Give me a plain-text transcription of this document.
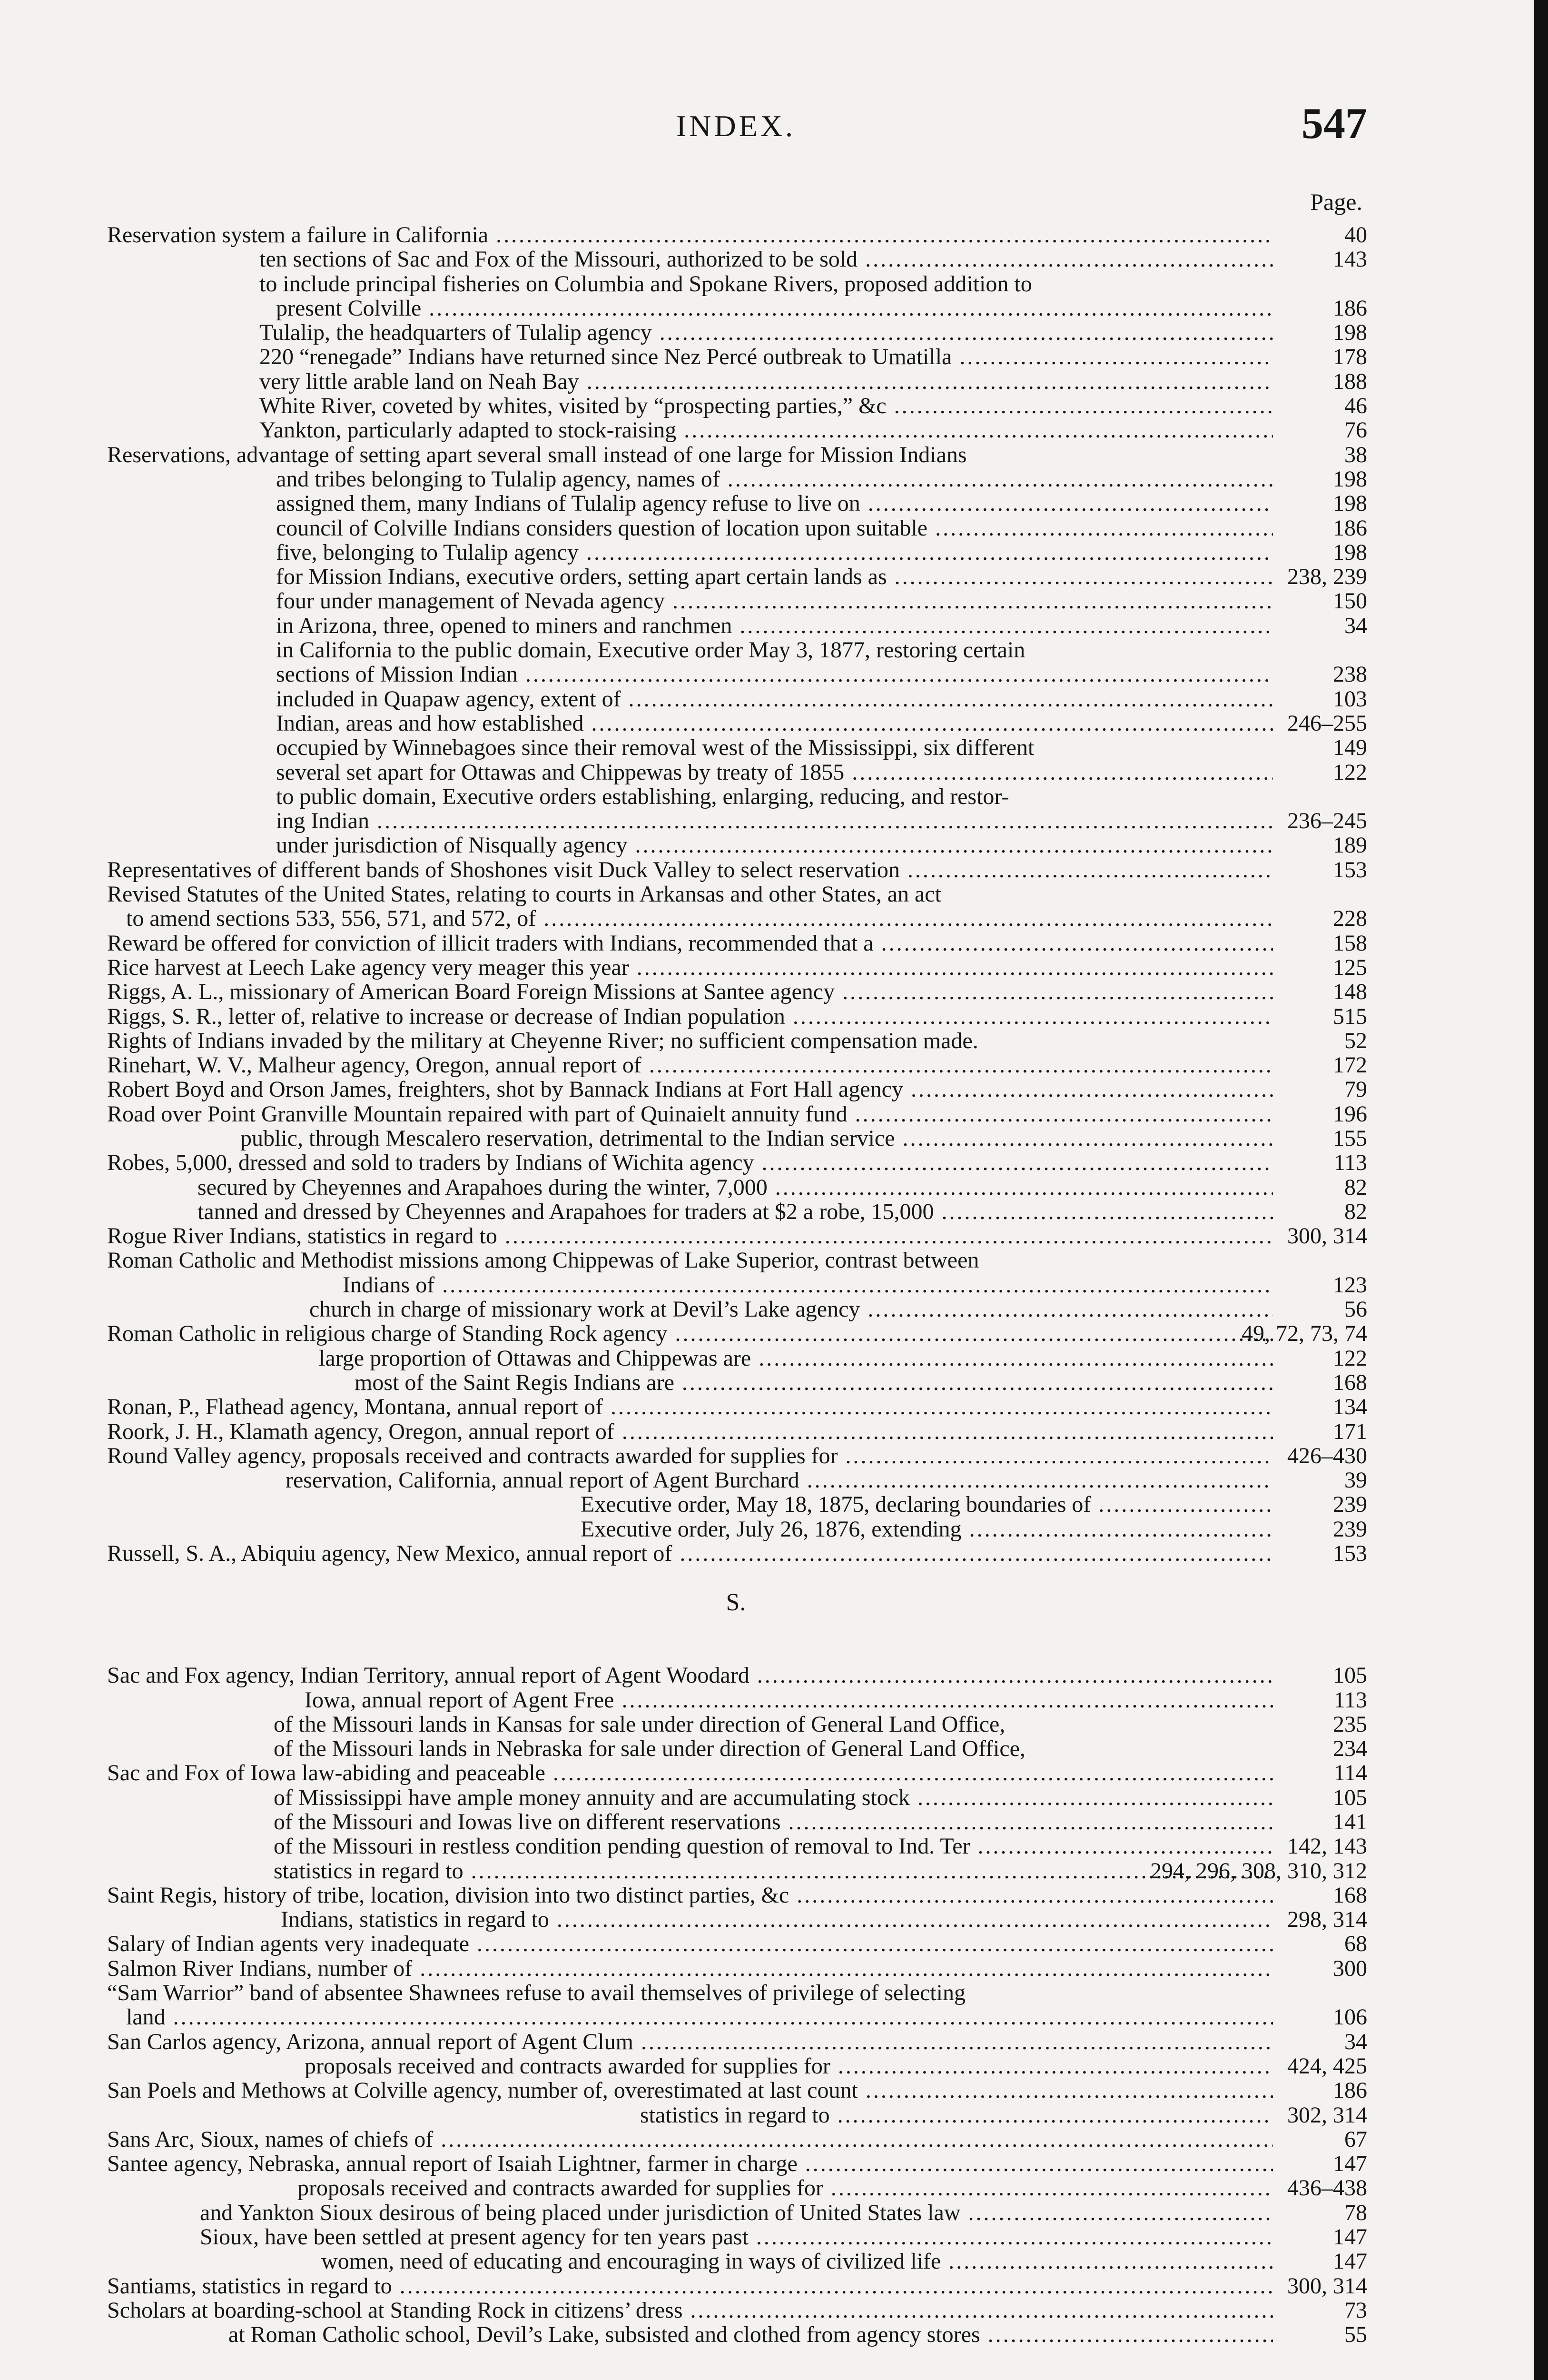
INDEX.	547
Page.
Reservation system a failure in California .....	40
ten sections of Sac and Fox of the Missouri, authorized to be sold .....	143
to include principal fisheries on Columbia and Spokane Rivers, proposed addition to
present Colville .....	186
Tulalip, the headquarters of Tulalip agency .....	198
220 “renegade” Indians have returned since Nez Percé outbreak to Umatilla .....	178
very little arable land on Neah Bay .....	188
White River, coveted by whites, visited by “prospecting parties,” &c .....	46
Yankton, particularly adapted to stock-raising .....	76
Reservations, advantage of setting apart several small instead of one large for Mission Indians	38
and tribes belonging to Tulalip agency, names of .....	198
assigned them, many Indians of Tulalip agency refuse to live on .....	198
council of Colville Indians considers question of location upon suitable .....	186
five, belonging to Tulalip agency .....	198
for Mission Indians, executive orders, setting apart certain lands as .....	238, 239
four under management of Nevada agency .....	150
in Arizona, three, opened to miners and ranchmen .....	34
in California to the public domain, Executive order May 3, 1877, restoring certain
sections of Mission Indian .....	238
included in Quapaw agency, extent of .....	103
Indian, areas and how established .....	246–255
occupied by Winnebagoes since their removal west of the Mississippi, six different	149
several set apart for Ottawas and Chippewas by treaty of 1855 .....	122
to public domain, Executive orders establishing, enlarging, reducing, and restor-
ing Indian .....	236–245
under jurisdiction of Nisqually agency .....	189
Representatives of different bands of Shoshones visit Duck Valley to select reservation .....	153
Revised Statutes of the United States, relating to courts in Arkansas and other States, an act
to amend sections 533, 556, 571, and 572, of .....	228
Reward be offered for conviction of illicit traders with Indians, recommended that a .....	158
Rice harvest at Leech Lake agency very meager this year .....	125
Riggs, A. L., missionary of American Board Foreign Missions at Santee agency .....	148
Riggs, S. R., letter of, relative to increase or decrease of Indian population .....	515
Rights of Indians invaded by the military at Cheyenne River; no sufficient compensation made.	52
Rinehart, W. V., Malheur agency, Oregon, annual report of .....	172
Robert Boyd and Orson James, freighters, shot by Bannack Indians at Fort Hall agency .....	79
Road over Point Granville Mountain repaired with part of Quinaielt annuity fund .....	196
public, through Mescalero reservation, detrimental to the Indian service .....	155
Robes, 5,000, dressed and sold to traders by Indians of Wichita agency .....	113
secured by Cheyennes and Arapahoes during the winter, 7,000 .....	82
tanned and dressed by Cheyennes and Arapahoes for traders at $2 a robe, 15,000 .....	82
Rogue River Indians, statistics in regard to .....	300, 314
Roman Catholic and Methodist missions among Chippewas of Lake Superior, contrast between
Indians of .....	123
church in charge of missionary work at Devil’s Lake agency .....	56
Roman Catholic in religious charge of Standing Rock agency .....	49, 72, 73, 74
large proportion of Ottawas and Chippewas are .....	122
most of the Saint Regis Indians are .....	168
Ronan, P., Flathead agency, Montana, annual report of .....	134
Roork, J. H., Klamath agency, Oregon, annual report of .....	171
Round Valley agency, proposals received and contracts awarded for supplies for .....	426–430
reservation, California, annual report of Agent Burchard .....	39
Executive order, May 18, 1875, declaring boundaries of .....	239
Executive order, July 26, 1876, extending .....	239
Russell, S. A., Abiquiu agency, New Mexico, annual report of .....	153
S.
Sac and Fox agency, Indian Territory, annual report of Agent Woodard .....	105
Iowa, annual report of Agent Free .....	113
of the Missouri lands in Kansas for sale under direction of General Land Office,	235
of the Missouri lands in Nebraska for sale under direction of General Land Office,	234
Sac and Fox of Iowa law-abiding and peaceable .....	114
of Mississippi have ample money annuity and are accumulating stock .....	105
of the Missouri and Iowas live on different reservations .....	141
of the Missouri in restless condition pending question of removal to Ind. Ter .....	142, 143
statistics in regard to .....	294, 296, 308, 310, 312
Saint Regis, history of tribe, location, division into two distinct parties, &c .....	168
Indians, statistics in regard to .....	298, 314
Salary of Indian agents very inadequate .....	68
Salmon River Indians, number of .....	300
“Sam Warrior” band of absentee Shawnees refuse to avail themselves of privilege of selecting
land .....	106
San Carlos agency, Arizona, annual report of Agent Clum .....	34
proposals received and contracts awarded for supplies for .....	424, 425
San Poels and Methows at Colville agency, number of, overestimated at last count .....	186
statistics in regard to .....	302, 314
Sans Arc, Sioux, names of chiefs of .....	67
Santee agency, Nebraska, annual report of Isaiah Lightner, farmer in charge .....	147
proposals received and contracts awarded for supplies for .....	436–438
and Yankton Sioux desirous of being placed under jurisdiction of United States law .....	78
Sioux, have been settled at present agency for ten years past .....	147
women, need of educating and encouraging in ways of civilized life .....	147
Santiams, statistics in regard to .....	300, 314
Scholars at boarding-school at Standing Rock in citizens’ dress .....	73
at Roman Catholic school, Devil’s Lake, subsisted and clothed from agency stores .....	55
